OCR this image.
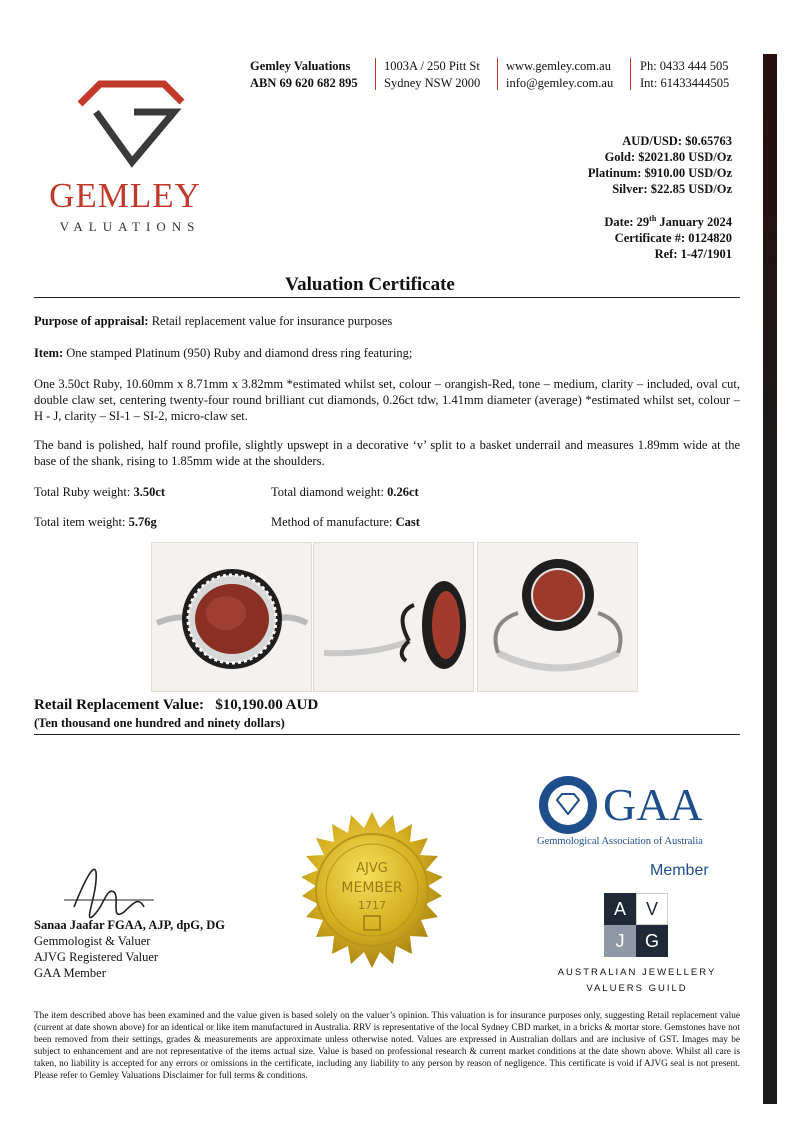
GEMLEY
VALUATIONS
Gemley Valuations
ABN 69 620 682 895
1003A / 250 Pitt St
Sydney NSW 2000
www.gemley.com.au
info@gemley.com.au
Ph: 0433 444 505
Int: 61433444505
AUD/USD: $0.65763
Gold: $2021.80 USD/Oz
Platinum: $910.00 USD/Oz
Silver: $22.85 USD/Oz
Date: 29th January 2024
Certificate #: 0124820
Ref: 1-47/1901
Valuation Certificate
Purpose of appraisal: Retail replacement value for insurance purposes
Item: One stamped Platinum (950) Ruby and diamond dress ring featuring;
One 3.50ct Ruby, 10.60mm x 8.71mm x 3.82mm *estimated whilst set, colour – orangish-Red, tone – medium, clarity – included, oval cut, double claw set, centering twenty-four round brilliant cut diamonds, 0.26ct tdw, 1.41mm diameter (average) *estimated whilst set, colour – H - J, clarity – SI-1 – SI-2, micro-claw set.
The band is polished, half round profile, slightly upswept in a decorative ‘v’ split to a basket underrail and measures 1.89mm wide at the base of the shank, rising to 1.85mm wide at the shoulders.
Total Ruby weight: 3.50ct	Total diamond weight: 0.26ct
Total item weight: 5.76g	Method of manufacture: Cast
Retail Replacement Value: $10,190.00 AUD
(Ten thousand one hundred and ninety dollars)
Sanaa Jaafar FGAA, AJP, dpG, DG
Gemmologist & Valuer
AJVG Registered Valuer
GAA Member
AJVG
MEMBER
1717
GAA
Gemmological Association of Australia
Member
A	V
J	G
AUSTRALIAN JEWELLERY
VALUERS GUILD
The item described above has been examined and the value given is based solely on the valuer’s opinion. This valuation is for insurance purposes only, suggesting Retail replacement value (current at date shown above) for an identical or like item manufactured in Australia. RRV is representative of the local Sydney CBD market, in a bricks & mortar store. Gemstones have not been removed from their settings, grades & measurements are approximate unless otherwise noted. Values are expressed in Australian dollars and are inclusive of GST. Images may be subject to enhancement and are not representative of the items actual size. Value is based on professional research & current market conditions at the date shown above. Whilst all care is taken, no liability is accepted for any errors or omissions in the certificate, including any liability to any person by reason of negligence. This certificate is void if AJVG seal is not present. Please refer to Gemley Valuations Disclaimer for full terms & conditions.
